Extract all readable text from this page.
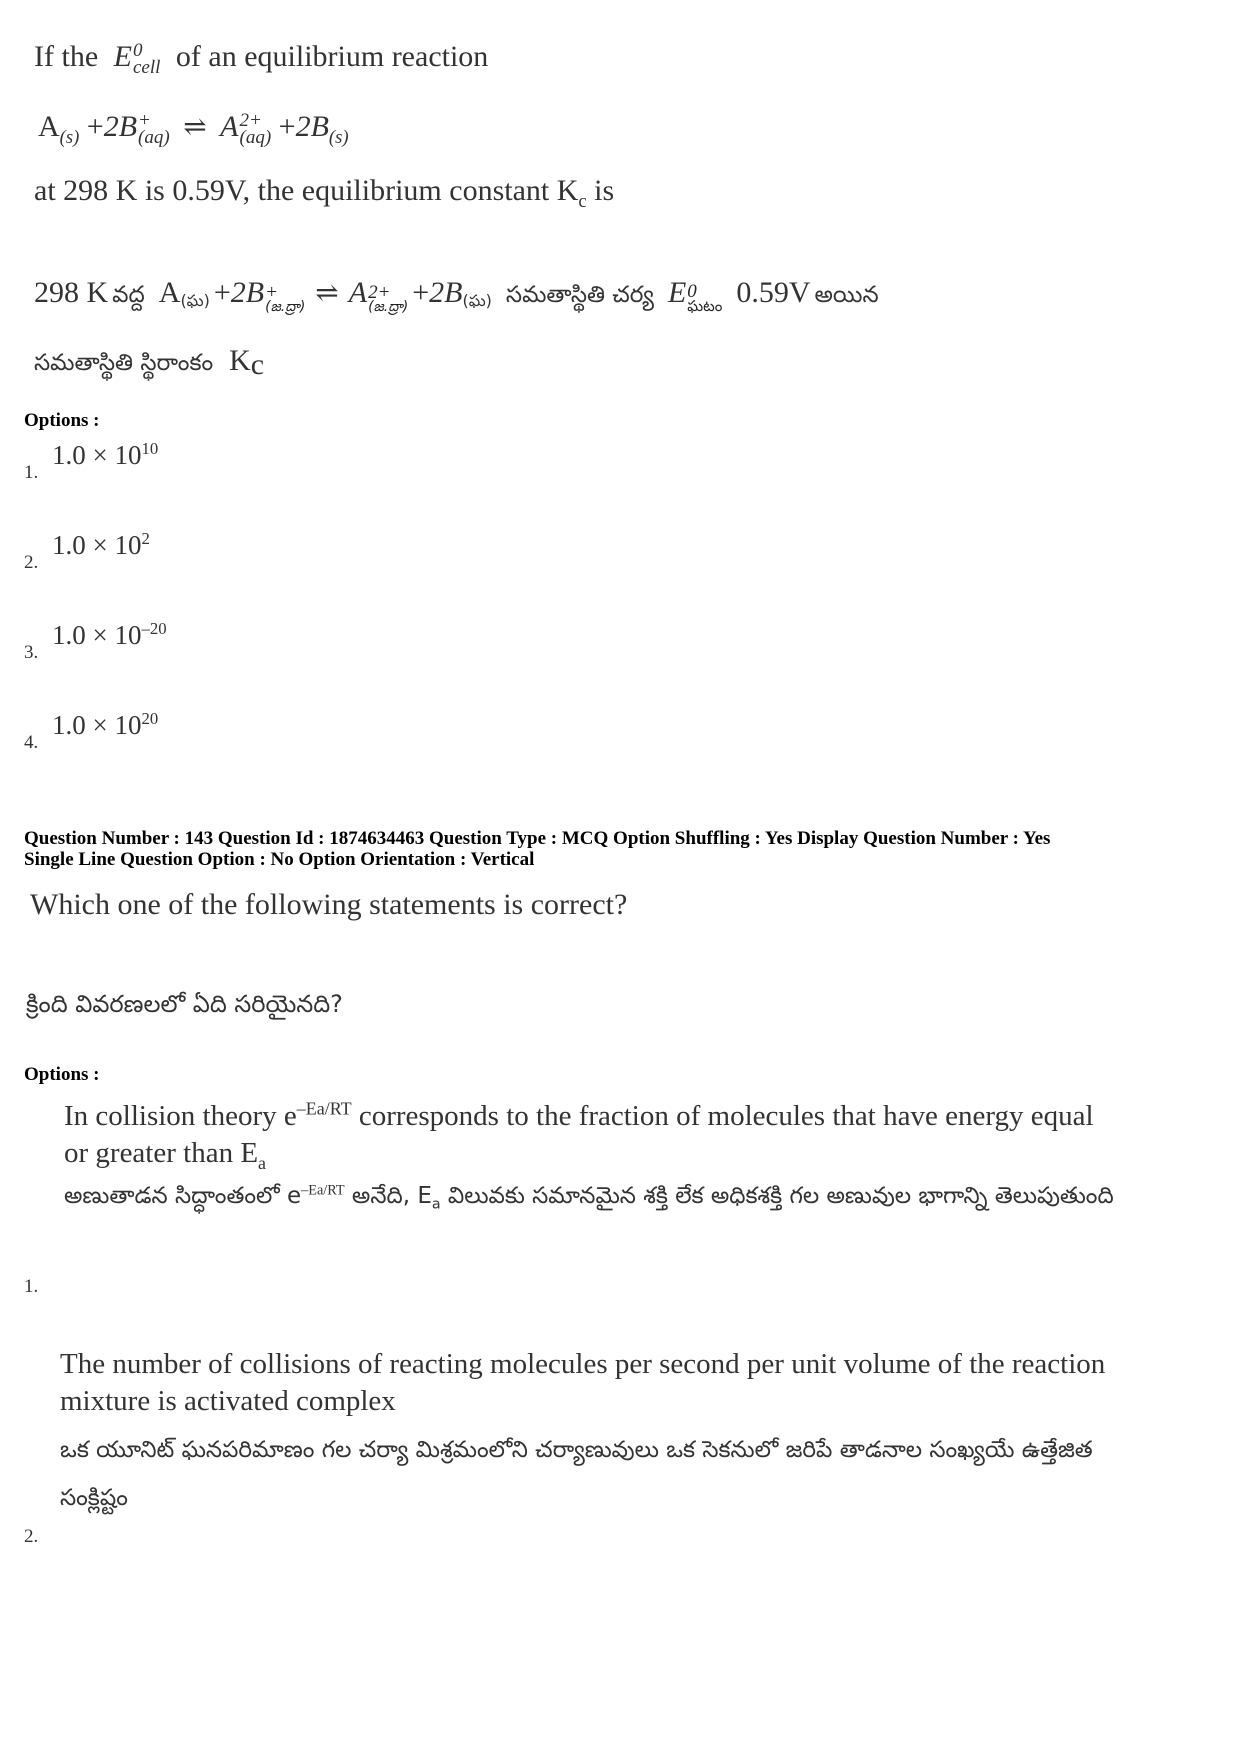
If the E 0
cell of an equilibrium reaction
$A_{(s)} +2B$ +
(aq) ⇌ A 2+
$(aq) +2B_{(s)}$
at 298 K is 0.59V, the equilibrium constant $K_c$ is
298 K వద్ద $A_{(ఘ)} +2B$ +
(జ.ద్రా) ⇌ A 2+
(జ.ద్రా) $+2B_{(ఘ)}$ సమతాస్థితి చర్య E 0
ఘటం 0.59V అయిన
సమతాస్థితి స్థిరాంకం $K_c$
Options :
1.
$1.0 \times 10^{10}$
2.
$1.0 \times 10^2$
3.
$1.0 \times 10^{-20}$
4.
$1.0 \times 10^{20}$
Question Number : 143 Question Id : 1874634463 Question Type : MCQ Option Shuffling : Yes Display Question Number : Yes
Single Line Question Option : No Option Orientation : Vertical
Which one of the following statements is correct?
క్రింది వివరణలలో ఏది సరియైనది?
Options :
In collision theory $e^{-Ea/RT}$ corresponds to the fraction of molecules that have energy equal or greater than $E_a$
అణుతాడన సిద్ధాంతంలో $e^{-Ea/RT}$ అనేది, $E_a$ విలువకు సమానమైన శక్తి లేక అధికశక్తి గల అణువుల భాగాన్ని తెలుపుతుంది
1.
The number of collisions of reacting molecules per second per unit volume of the reaction mixture is activated complex
ఒక యూనిట్ ఘనపరిమాణం గల చర్యా మిశ్రమంలోని చర్యాణువులు ఒక సెకనులో జరిపే తాడనాల సంఖ్యయే ఉత్తేజిత సంక్లిష్టం
2.
